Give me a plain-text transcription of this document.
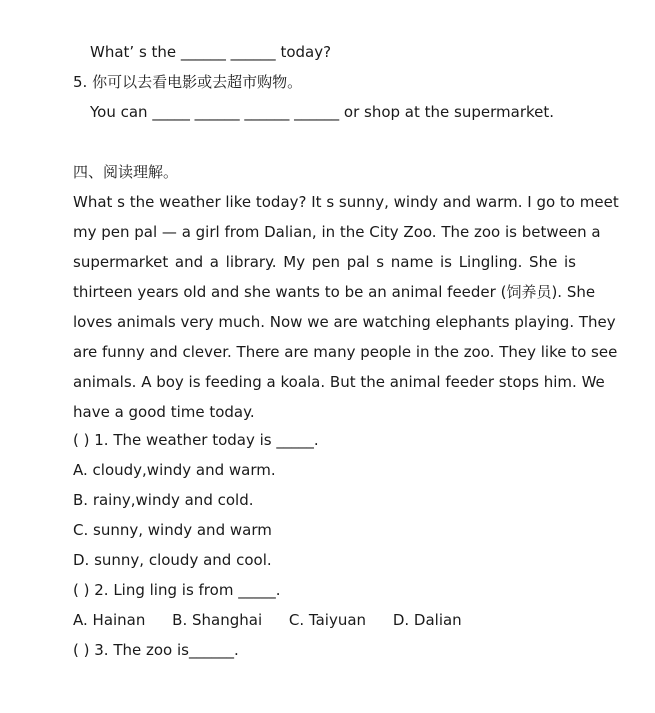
What’ s the ______ ______ today?
5. 你可以去看电影或去超市购物。
You can _____ ______ ______ ______ or shop at the supermarket.
四、阅读理解。
What s the weather like today? It s sunny, windy and warm. I go to meet
my pen pal — a girl from Dalian, in the City Zoo. The zoo is between a
supermarket and a library. My pen pal s name is Lingling. She is
thirteen years old and she wants to be an animal feeder (饲养员). She
loves animals very much. Now we are watching elephants playing. They
are funny and clever. There are many people in the zoo. They like to see
animals. A boy is feeding a koala. But the animal feeder stops him. We
have a good time today.
( ) 1. The weather today is _____.
A. cloudy,windy and warm.
B. rainy,windy and cold.
C. sunny, windy and warm
D. sunny, cloudy and cool.
( ) 2. Ling ling is from _____.
A. Hainan B. Shanghai C. Taiyuan D. Dalian
( ) 3. The zoo is______.
